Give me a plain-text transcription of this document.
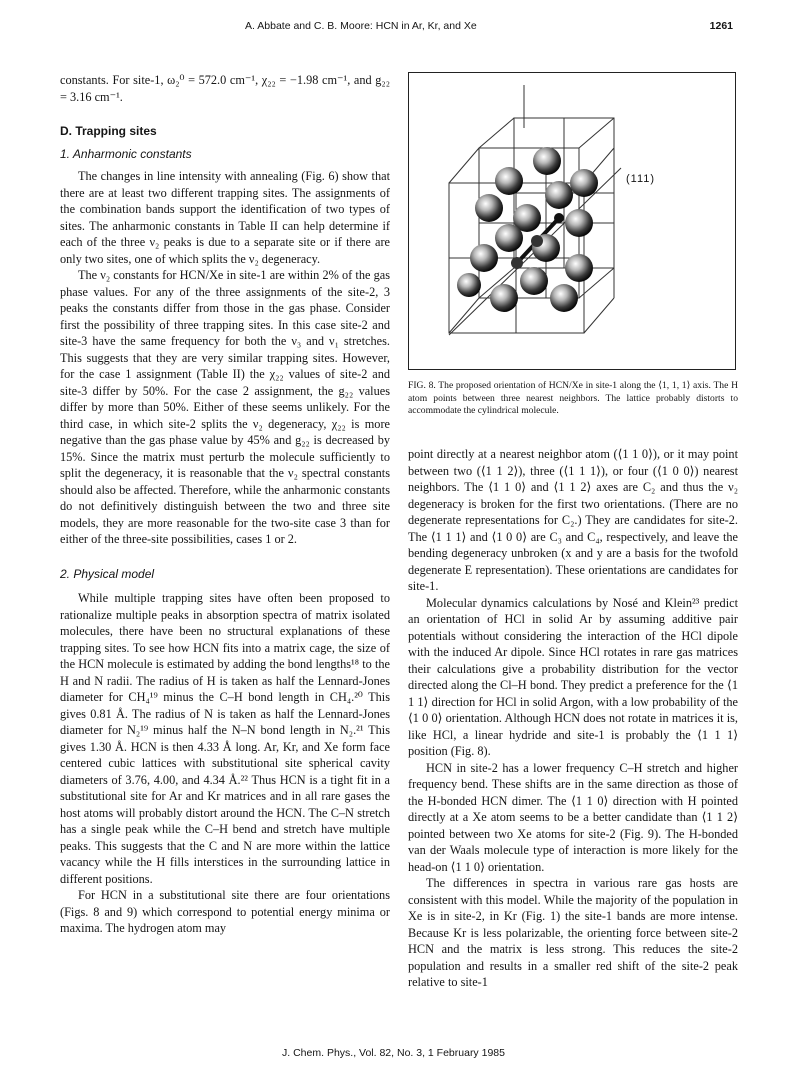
A. Abbate and C. B. Moore: HCN in Ar, Kr, and Xe	1261

constants. For site-1, ω₂⁰ = 572.0 cm⁻¹, χ₂₂ = −1.98 cm⁻¹, and g₂₂ = 3.16 cm⁻¹.

D. Trapping sites
1. Anharmonic constants

The changes in line intensity with annealing (Fig. 6) show that there are at least two different trapping sites. The assignments of the combination bands support the identification of two types of sites. The anharmonic constants in Table II can help determine if each of the three ν₂ peaks is due to a separate site or if there are only two sites, one of which splits the ν₂ degeneracy.

The ν₂ constants for HCN/Xe in site-1 are within 2% of the gas phase values. For any of the three assignments of the site-2, 3 peaks the constants differ from those in the gas phase. Consider first the possibility of three trapping sites. In this case site-2 and site-3 have the same frequency for both the ν₃ and ν₁ stretches. This suggests that they are very similar trapping sites. However, for the case 1 assignment (Table II) the χ₂₂ values of site-2 and site-3 differ by 50%. For the case 2 assignment, the g₂₂ values differ by more than 50%. Either of these seems unlikely. For the third case, in which site-2 splits the ν₂ degeneracy, χ₂₂ is more negative than the gas phase value by 45% and g₂₂ is decreased by 15%. Since the matrix must perturb the molecule sufficiently to split the degeneracy, it is reasonable that the ν₂ spectral constants should also be affected. Therefore, while the anharmonic constants do not definitively distinguish between the two and three site models, they are more reasonable for the two-site case 3 than for either of the three-site possibilities, cases 1 or 2.

2. Physical model

While multiple trapping sites have often been proposed to rationalize multiple peaks in absorption spectra of matrix isolated molecules, there have been no structural explanations of these trapping sites. To see how HCN fits into a matrix cage, the size of the HCN molecule is estimated by adding the bond lengths¹⁸ to the H and N radii. The radius of H is taken as half the Lennard-Jones diameter for CH₄¹⁹ minus the C–H bond length in CH₄.²⁰ This gives 0.81 Å. The radius of N is taken as half the Lennard-Jones diameter for N₂¹⁹ minus half the N–N bond length in N₂.²¹ This gives 1.30 Å. HCN is then 4.33 Å long. Ar, Kr, and Xe form face centered cubic lattices with substitutional site spherical cavity diameters of 3.76, 4.00, and 4.34 Å.²² Thus HCN is a tight fit in a substitutional site for Ar and Kr matrices and in all rare gases the host atoms will probably distort around the HCN. The C–N stretch has a single peak while the C–H bend and stretch have multiple peaks. This suggests that the C and N are more within the lattice vacancy while the H fills interstices in the surrounding lattice in different positions.

For HCN in a substitutional site there are four orientations (Figs. 8 and 9) which correspond to potential energy minima or maxima. The hydrogen atom may

(111)
FIG. 8. The proposed orientation of HCN/Xe in site-1 along the ⟨1, 1, 1⟩ axis. The H atom points between three nearest neighbors. The lattice probably distorts to accommodate the cylindrical molecule.

point directly at a nearest neighbor atom (⟨1 1 0⟩), or it may point between two (⟨1 1 2⟩), three (⟨1 1 1⟩), or four (⟨1 0 0⟩) nearest neighbors. The ⟨1 1 0⟩ and ⟨1 1 2⟩ axes are C₂ and thus the ν₂ degeneracy is broken for the first two orientations. (There are no degenerate representations for C₂.) They are candidates for site-2. The ⟨1 1 1⟩ and ⟨1 0 0⟩ are C₃ and C₄, respectively, and leave the bending degeneracy unbroken (x and y are a basis for the twofold degenerate E representation). These orientations are candidates for site-1.

Molecular dynamics calculations by Nosé and Klein²³ predict an orientation of HCl in solid Ar by assuming additive pair potentials without considering the interaction of the HCl dipole with the induced Ar dipole. Since HCl rotates in rare gas matrices their calculations give a probability distribution for the vector directed along the Cl–H bond. They predict a preference for the ⟨1 1 1⟩ direction for HCl in solid Argon, with a low probability of the ⟨1 0 0⟩ orientation. Although HCN does not rotate in matrices it is, like HCl, a linear hydride and site-1 is probably the ⟨1 1 1⟩ position (Fig. 8).

HCN in site-2 has a lower frequency C–H stretch and higher frequency bend. These shifts are in the same direction as those of the H-bonded HCN dimer. The ⟨1 1 0⟩ direction with H pointed directly at a Xe atom seems to be a better candidate than ⟨1 1 2⟩ pointed between two Xe atoms for site-2 (Fig. 9). The H-bonded van der Waals molecule type of interaction is more likely for the head-on ⟨1 1 0⟩ orientation.

The differences in spectra in various rare gas hosts are consistent with this model. While the majority of the population in Xe is in site-2, in Kr (Fig. 1) the site-1 bands are more intense. Because Kr is less polarizable, the orienting force between site-2 HCN and the matrix is less strong. This reduces the site-2 population and results in a smaller red shift of the site-2 peak relative to site-1

J. Chem. Phys., Vol. 82, No. 3, 1 February 1985
